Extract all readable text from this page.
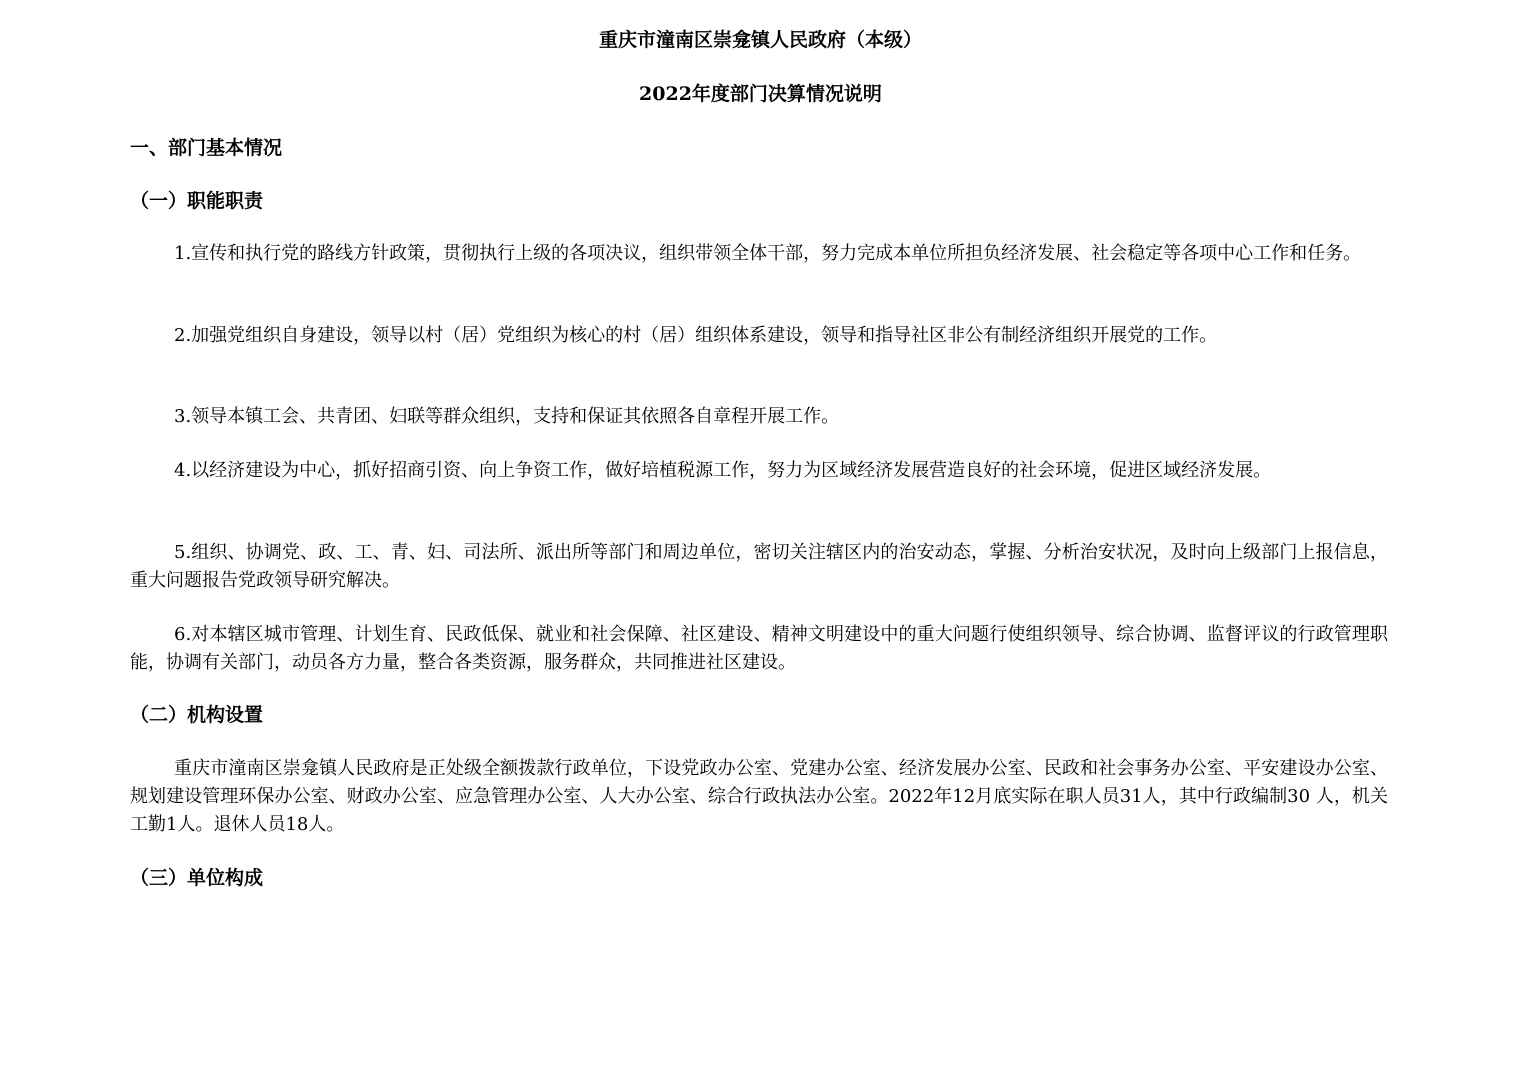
重庆市潼南区崇龛镇人民政府（本级）
2022年度部门决算情况说明
一、部门基本情况
（一）职能职责

1.宣传和执行党的路线方针政策，贯彻执行上级的各项决议，组织带领全体干部，努力完成本单位所担负经济发展、社会稳定等各项中心工作和任务。

2.加强党组织自身建设，领导以村（居）党组织为核心的村（居）组织体系建设，领导和指导社区非公有制经济组织开展党的工作。

3.领导本镇工会、共青团、妇联等群众组织，支持和保证其依照各自章程开展工作。

4.以经济建设为中心，抓好招商引资、向上争资工作，做好培植税源工作，努力为区域经济发展营造良好的社会环境，促进区域经济发展。

5.组织、协调党、政、工、青、妇、司法所、派出所等部门和周边单位，密切关注辖区内的治安动态，掌握、分析治安状况，及时向上级部门上报信息，重大问题报告党政领导研究解决。

6.对本辖区城市管理、计划生育、民政低保、就业和社会保障、社区建设、精神文明建设中的重大问题行使组织领导、综合协调、监督评议的行政管理职能，协调有关部门，动员各方力量，整合各类资源，服务群众，共同推进社区建设。

（二）机构设置

重庆市潼南区崇龛镇人民政府是正处级全额拨款行政单位，下设党政办公室、党建办公室、经济发展办公室、民政和社会事务办公室、平安建设办公室、规划建设管理环保办公室、财政办公室、应急管理办公室、人大办公室、综合行政执法办公室。2022年12月底实际在职人员31人，其中行政编制30 人，机关工勤1人。退休人员18人。

（三）单位构成
